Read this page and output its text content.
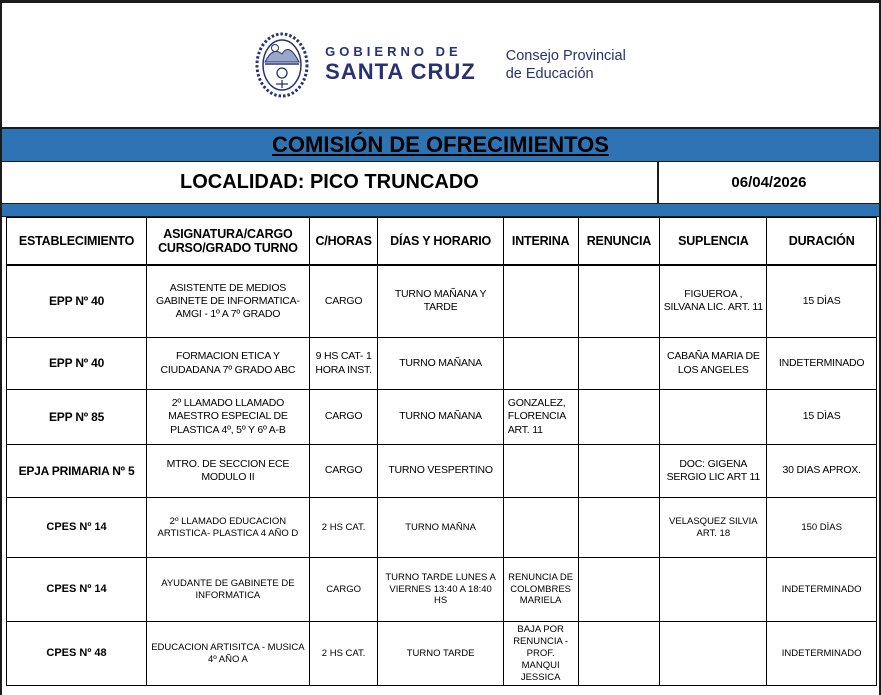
GOBIERNO DE
SANTA CRUZ
Consejo Provincial
de Educación
COMISIÓN DE OFRECIMIENTOS
LOCALIDAD: PICO TRUNCADO	06/04/2026
ESTABLECIMIENTO	ASIGNATURA/CARGO CURSO/GRADO TURNO	C/HORAS	DÍAS Y HORARIO	INTERINA	RENUNCIA	SUPLENCIA	DURACIÓN
EPP Nº 40	ASISTENTE DE MEDIOS GABINETE DE INFORMATICA- AMGI - 1º A 7º GRADO	CARGO	TURNO MAÑANA Y TARDE			FIGUEROA , SILVANA LIC. ART. 11	15 DÌAS
EPP Nº 40	FORMACION ETICA Y CIUDADANA 7º GRADO ABC	9 HS CAT- 1 HORA INST.	TURNO MAÑANA			CABAÑA MARIA DE LOS ANGELES	INDETERMINADO
EPP Nº 85	2º LLAMADO LLAMADO MAESTRO ESPECIAL DE PLASTICA 4º, 5º Y 6º A-B	CARGO	TURNO MAÑANA	GONZALEZ, FLORENCIA ART. 11			15 DÌAS
EPJA PRIMARIA Nº 5	MTRO. DE SECCION ECE MODULO II	CARGO	TURNO VESPERTINO			DOC: GIGENA SERGIO LIC ART 11	30 DIAS APROX.
CPES Nº 14	2º LLAMADO EDUCACION ARTISTICA- PLASTICA 4 AÑO D	2 HS CAT.	TURNO MAÑNA			VELASQUEZ SILVIA ART. 18	150 DÌAS
CPES Nº 14	AYUDANTE DE GABINETE DE INFORMATICA	CARGO	TURNO TARDE LUNES A VIERNES 13:40 A 18:40 HS	RENUNCIA DE COLOMBRES MARIELA			INDETERMINADO
CPES Nº 48	EDUCACION ARTISITCA - MUSICA 4º AÑO A	2 HS CAT.	TURNO TARDE	BAJA POR RENUNCIA - PROF. MANQUI JESSICA			INDETERMINADO
